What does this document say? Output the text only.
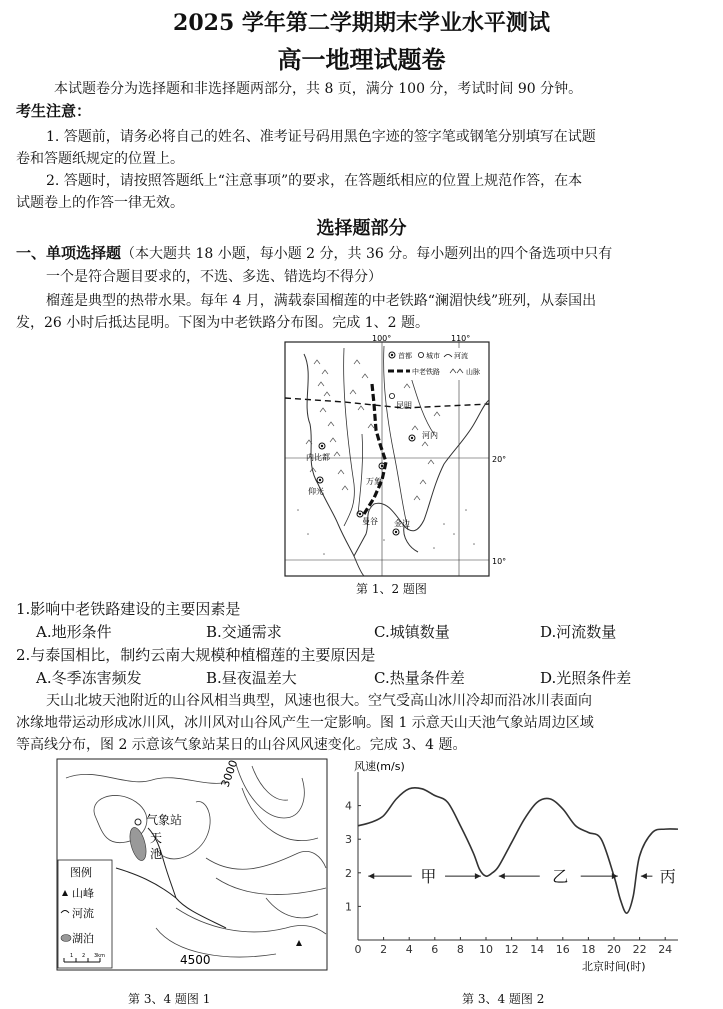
2025 学年第二学期期末学业水平测试
高一地理试题卷
本试题卷分为选择题和非选择题两部分，共 8 页，满分 100 分，考试时间 90 分钟。
考生注意：
1. 答题前，请务必将自己的姓名、准考证号码用黑色字迹的签字笔或钢笔分别填写在试题
卷和答题纸规定的位置上。
2. 答题时，请按照答题纸上“注意事项”的要求，在答题纸相应的位置上规范作答，在本
试题卷上的作答一律无效。
选择题部分
一、单项选择题（本大题共 18 小题，每小题 2 分，共 36 分。每小题列出的四个备选项中只有
一个是符合题目要求的，不选、多选、错选均不得分）
榴莲是典型的热带水果。每年 4 月，满载泰国榴莲的中老铁路“澜湄快线”班列，从泰国出
发，26 小时后抵达昆明。下图为中老铁路分布图。完成 1、2 题。
100°	110°
20°
10°
首都 城市 河流
中老铁路	山脉
昆明
河内
内比都
万象
仰光
曼谷 金边
第 1、2 题图
1.影响中老铁路建设的主要因素是
A.地形条件	B.交通需求	C.城镇数量	D.河流数量
2.与泰国相比，制约云南大规模种植榴莲的主要原因是
A.冬季冻害频发	B.昼夜温差大	C.热量条件差	D.光照条件差
天山北坡天池附近的山谷风相当典型，风速也很大。空气受高山冰川冷却而沿冰川表面向
冰缘地带运动形成冰川风，冰川风对山谷风产生一定影响。图 1 示意天山天池气象站周边区域
等高线分布，图 2 示意该气象站某日的山谷风风速变化。完成 3、4 题。
气象站
天
池
3000
4500
图例
山峰
河流
湖泊
1 2 3km
第 3、4 题图 1
风速(m/s)
北京时间(时)
0 2 4 6 8 10 12 14 16 18 20 22 24
1
2
3
4
甲	乙	丙
第 3、4 题图 2
